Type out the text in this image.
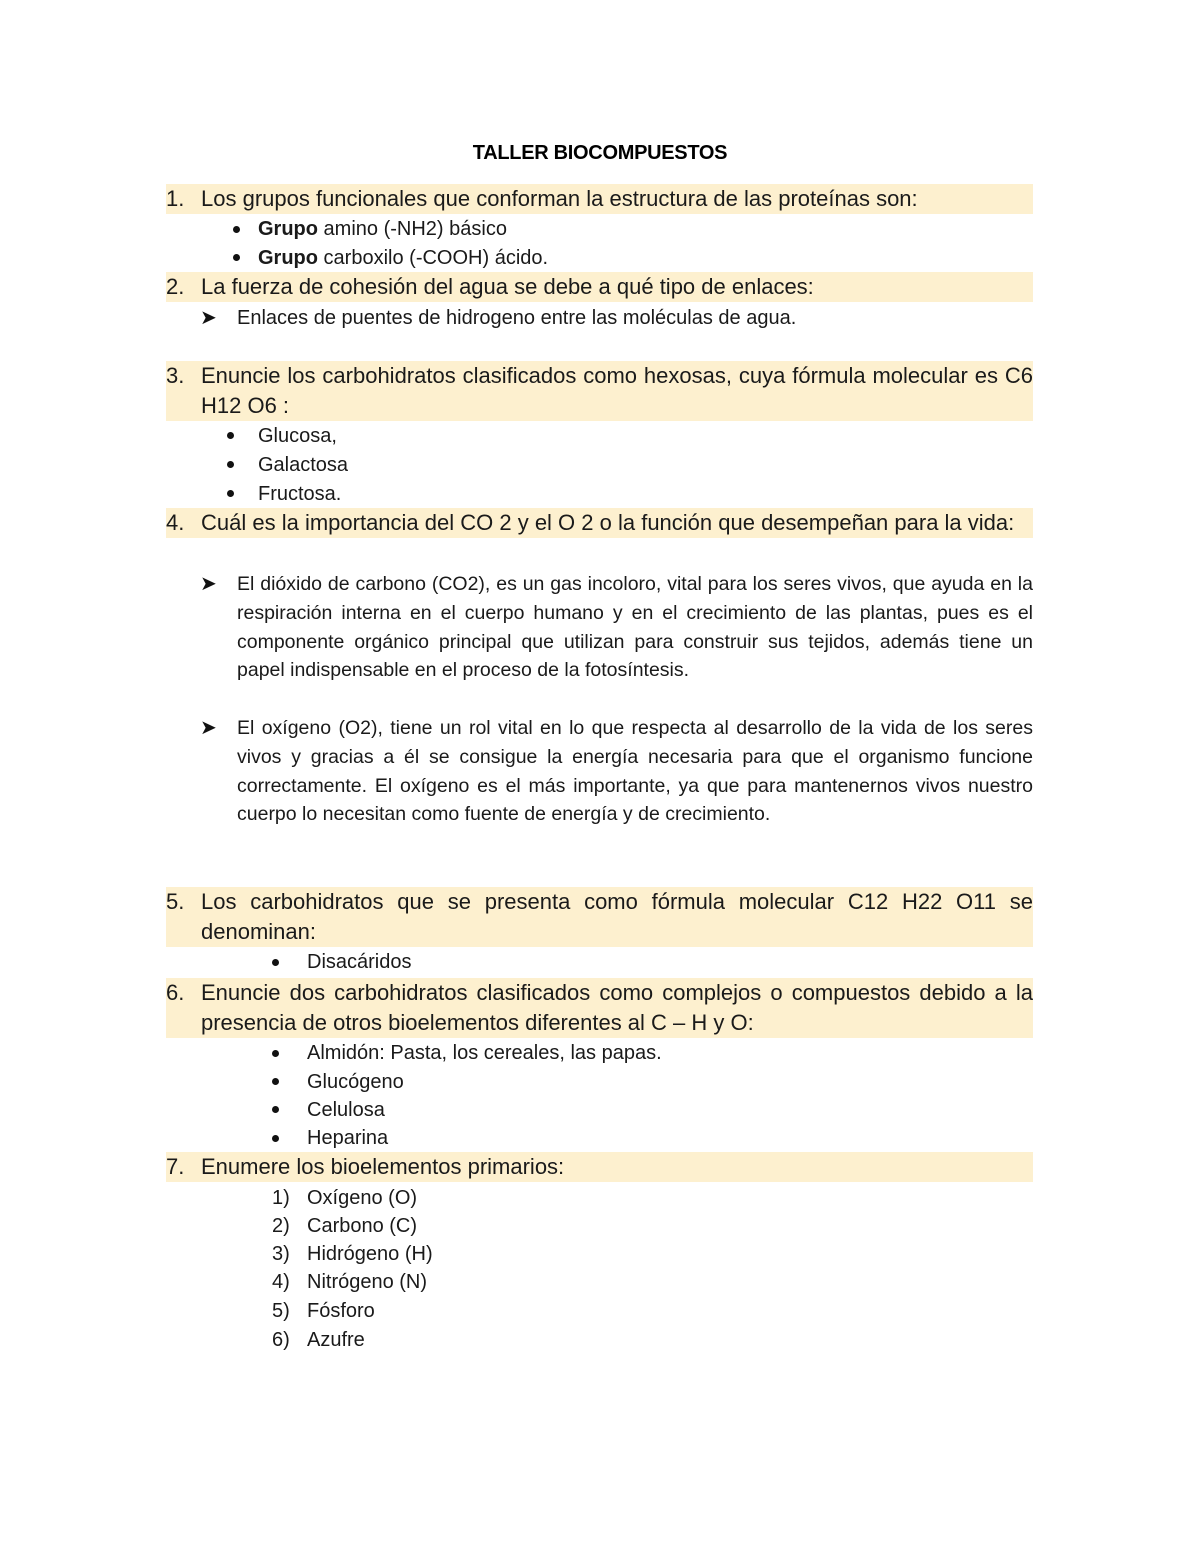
TALLER BIOCOMPUESTOS
1. Los grupos funcionales que conforman la estructura de las proteínas son:
Grupo amino (-NH2) básico
Grupo carboxilo (-COOH) ácido.
2. La fuerza de cohesión del agua se debe a qué tipo de enlaces:
➤ Enlaces de puentes de hidrogeno entre las moléculas de agua.
3. Enuncie los carbohidratos clasificados como hexosas, cuya fórmula molecular es C6 H12 O6 :
Glucosa,
Galactosa
Fructosa.
4. Cuál es la importancia del CO 2 y el O 2 o la función que desempeñan para la vida:
➤ El dióxido de carbono (CO2), es un gas incoloro, vital para los seres vivos, que ayuda en la respiración interna en el cuerpo humano y en el crecimiento de las plantas, pues es el componente orgánico principal que utilizan para construir sus tejidos, además tiene un papel indispensable en el proceso de la fotosíntesis.
➤ El oxígeno (O2), tiene un rol vital en lo que respecta al desarrollo de la vida de los seres vivos y gracias a él se consigue la energía necesaria para que el organismo funcione correctamente. El oxígeno es el más importante, ya que para mantenernos vivos nuestro cuerpo lo necesitan como fuente de energía y de crecimiento.
5. Los carbohidratos que se presenta como fórmula molecular C12 H22 O11 se denominan:
Disacáridos
6. Enuncie dos carbohidratos clasificados como complejos o compuestos debido a la presencia de otros bioelementos diferentes al C – H y O:
Almidón: Pasta, los cereales, las papas.
Glucógeno
Celulosa
Heparina
7. Enumere los bioelementos primarios:
1) Oxígeno (O)
2) Carbono (C)
3) Hidrógeno (H)
4) Nitrógeno (N)
5) Fósforo
6) Azufre
